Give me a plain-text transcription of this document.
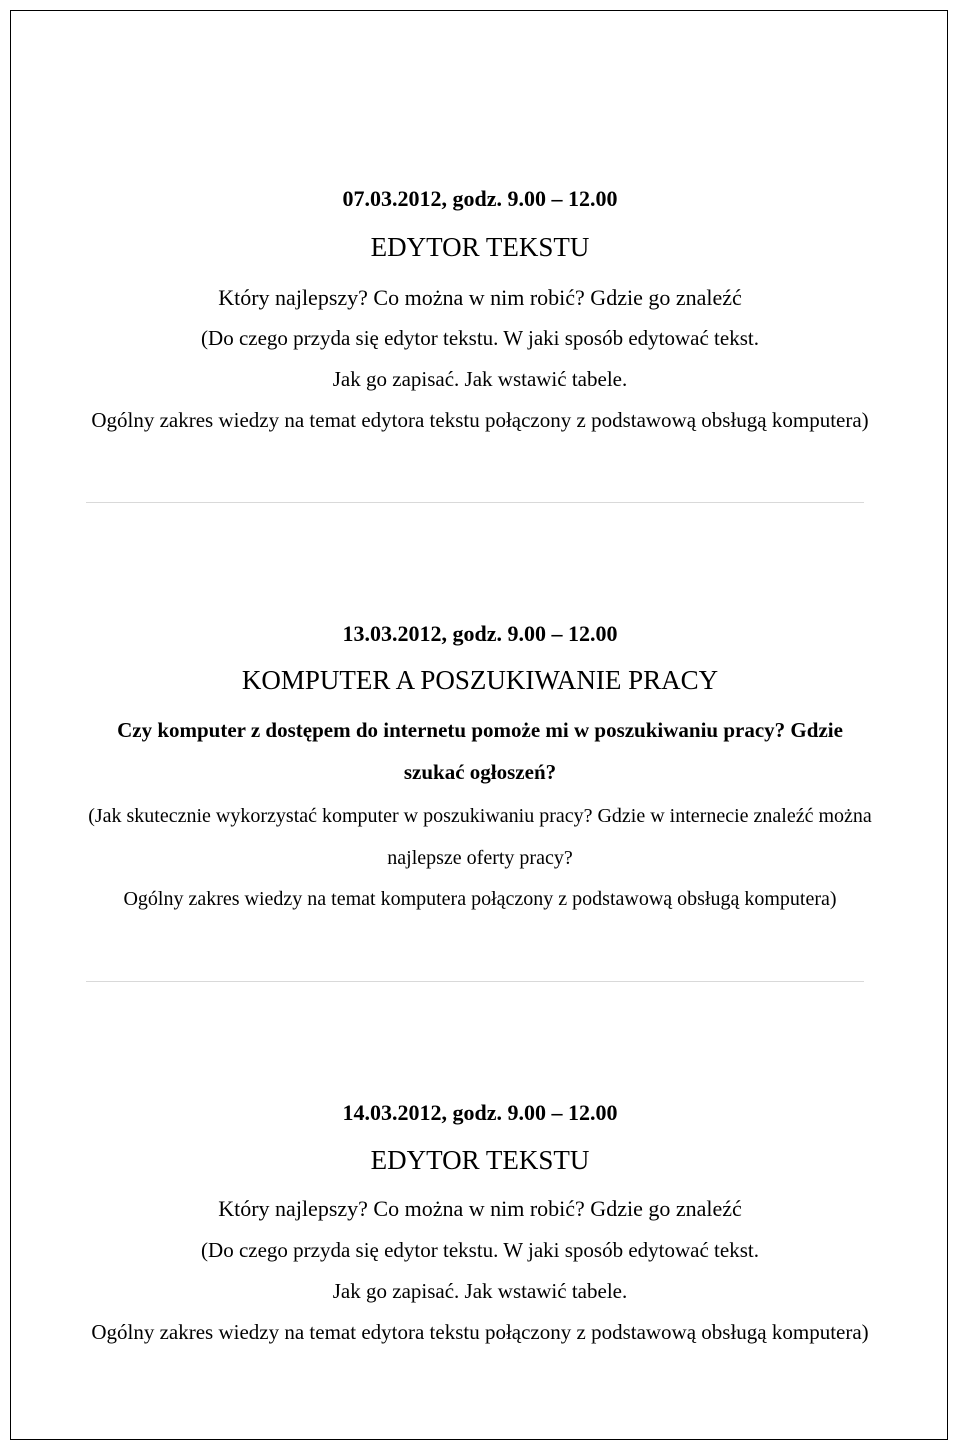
07.03.2012, godz. 9.00 – 12.00
EDYTOR TEKSTU
Który najlepszy? Co można w nim robić? Gdzie go znaleźć
(Do czego przyda się edytor tekstu. W jaki sposób edytować tekst.
Jak go zapisać. Jak wstawić tabele.
Ogólny zakres wiedzy na temat edytora tekstu połączony z podstawową obsługą komputera)
13.03.2012, godz. 9.00 – 12.00
KOMPUTER A POSZUKIWANIE PRACY
Czy komputer z dostępem do internetu pomoże mi w poszukiwaniu pracy? Gdzie
szukać ogłoszeń?
(Jak skutecznie wykorzystać komputer w poszukiwaniu pracy? Gdzie w internecie znaleźć można
najlepsze oferty pracy?
Ogólny zakres wiedzy na temat komputera połączony z podstawową obsługą komputera)
14.03.2012, godz. 9.00 – 12.00
EDYTOR TEKSTU
Który najlepszy? Co można w nim robić? Gdzie go znaleźć
(Do czego przyda się edytor tekstu. W jaki sposób edytować tekst.
Jak go zapisać. Jak wstawić tabele.
Ogólny zakres wiedzy na temat edytora tekstu połączony z podstawową obsługą komputera)
